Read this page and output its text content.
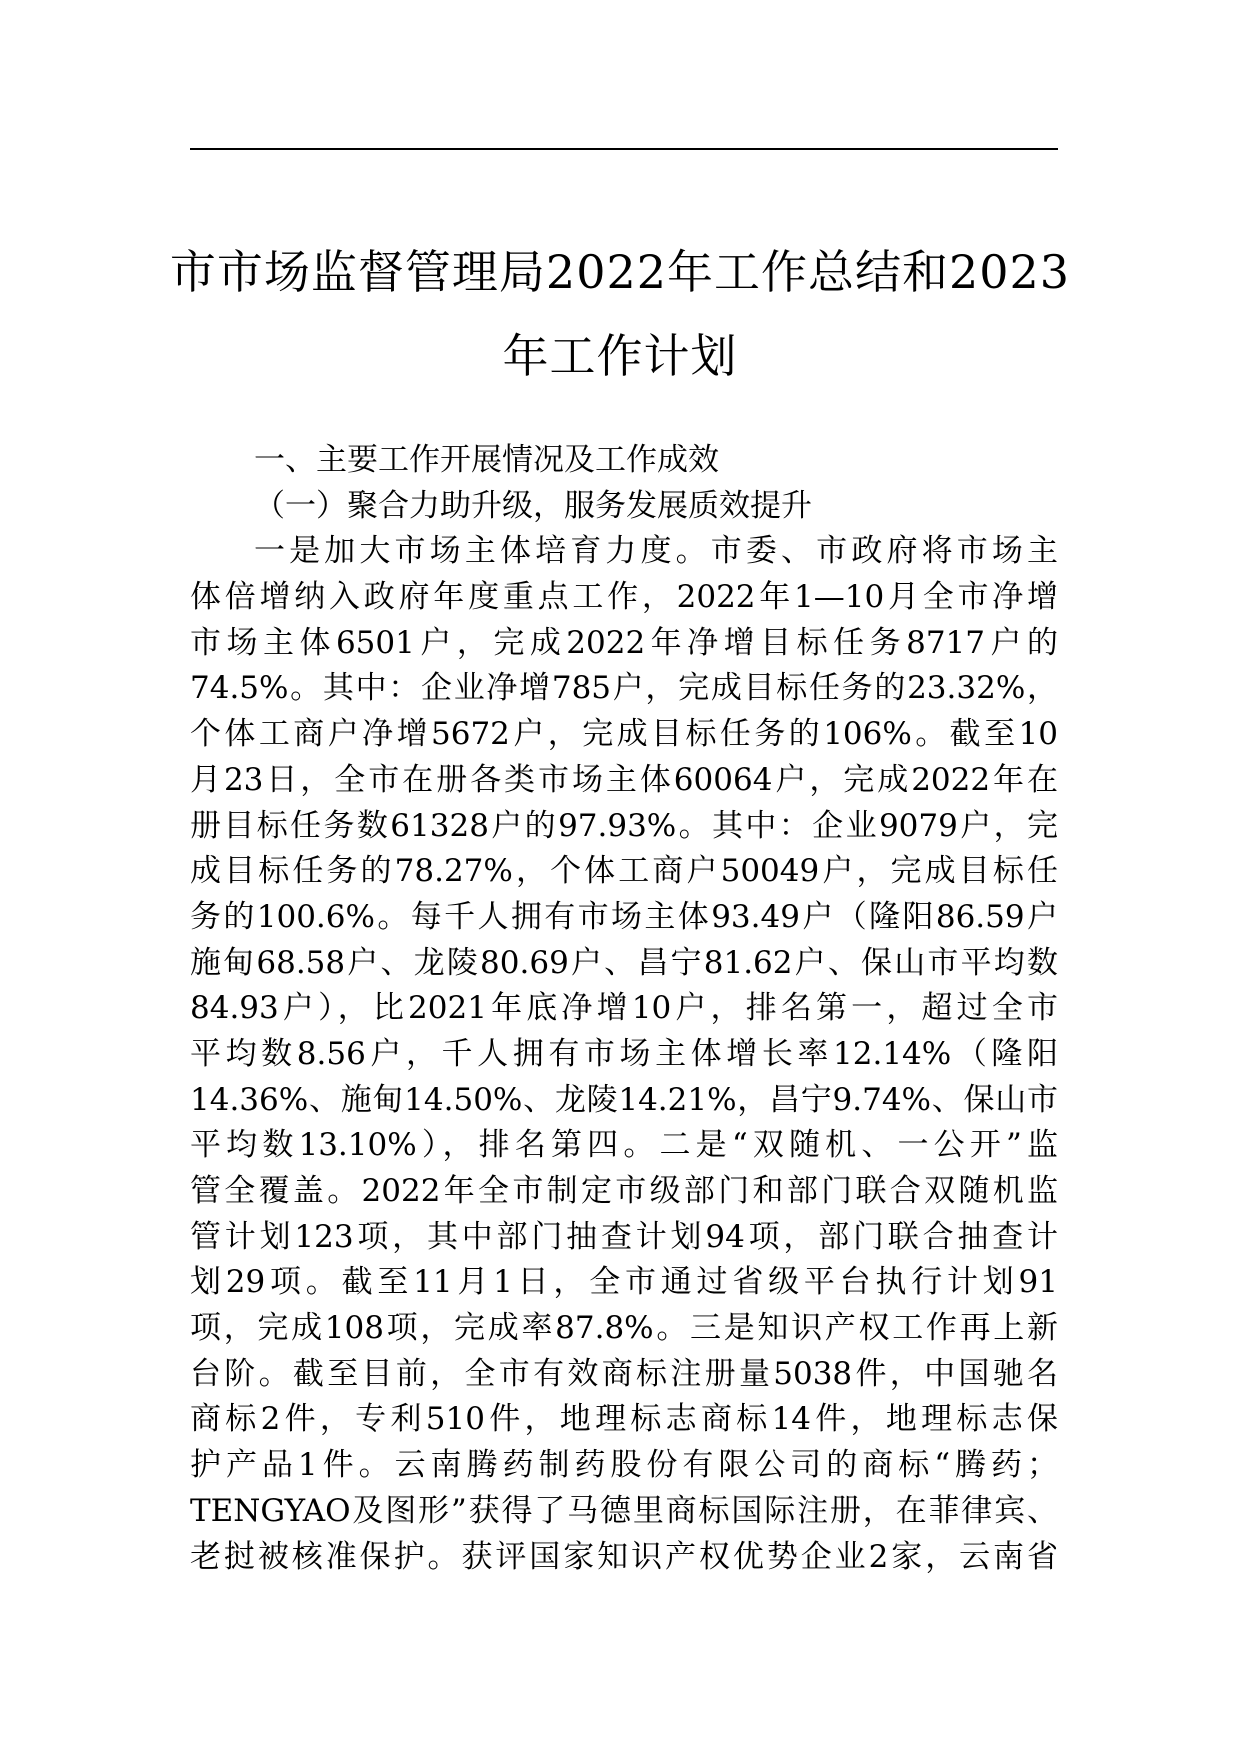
市市场监督管理局2022年工作总结和2023
年工作计划
一、主要工作开展情况及工作成效
（一）聚合力助升级，服务发展质效提升
一是加大市场主体培育力度。市委、市政府将市场主
体倍增纳入政府年度重点工作，2022年1—10月全市净增
市场主体6501户，完成2022年净增目标任务8717户的
74.5%。其中：企业净增785户，完成目标任务的23.32%，
个体工商户净增5672户，完成目标任务的106%。截至10
月23日，全市在册各类市场主体60064户，完成2022年在
册目标任务数61328户的97.93%。其中：企业9079户，完
成目标任务的78.27%，个体工商户50049户，完成目标任
务的100.6%。每千人拥有市场主体93.49户（隆阳86.59户
施甸68.58户、龙陵80.69户、昌宁81.62户、保山市平均数
84.93户），比2021年底净增10户，排名第一，超过全市
平均数8.56户，千人拥有市场主体增长率12.14%（隆阳
14.36%、施甸14.50%、龙陵14.21%，昌宁9.74%、保山市
平均数13.10%），排名第四。二是“双随机、一公开”监
管全覆盖。2022年全市制定市级部门和部门联合双随机监
管计划123项，其中部门抽查计划94项，部门联合抽查计
划29项。截至11月1日，全市通过省级平台执行计划91
项，完成108项，完成率87.8%。三是知识产权工作再上新
台阶。截至目前，全市有效商标注册量5038件，中国驰名
商标2件，专利510件，地理标志商标14件，地理标志保
护产品1件。云南腾药制药股份有限公司的商标“腾药；
TENGYAO及图形”获得了马德里商标国际注册，在菲律宾、
老挝被核准保护。获评国家知识产权优势企业2家，云南省
